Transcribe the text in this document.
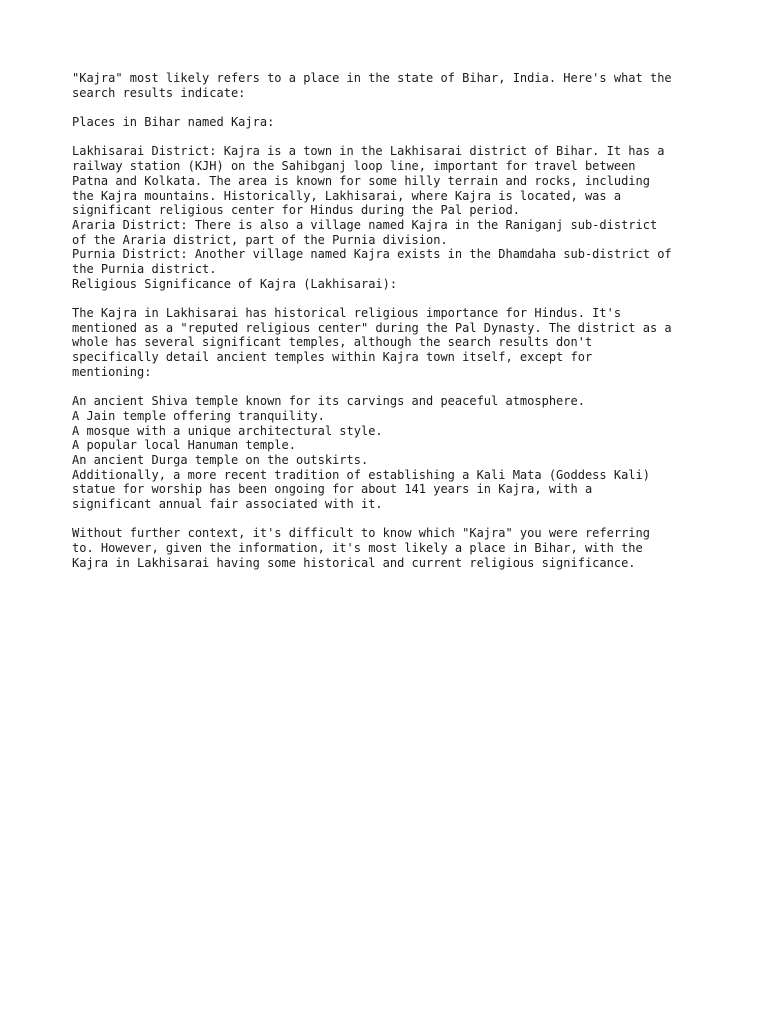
"Kajra" most likely refers to a place in the state of Bihar, India. Here's what the
search results indicate:
Places in Bihar named Kajra:
Lakhisarai District: Kajra is a town in the Lakhisarai district of Bihar. It has a
railway station (KJH) on the Sahibganj loop line, important for travel between
Patna and Kolkata. The area is known for some hilly terrain and rocks, including
the Kajra mountains. Historically, Lakhisarai, where Kajra is located, was a
significant religious center for Hindus during the Pal period.
Araria District: There is also a village named Kajra in the Raniganj sub-district
of the Araria district, part of the Purnia division.
Purnia District: Another village named Kajra exists in the Dhamdaha sub-district of
the Purnia district.
Religious Significance of Kajra (Lakhisarai):
The Kajra in Lakhisarai has historical religious importance for Hindus. It's
mentioned as a "reputed religious center" during the Pal Dynasty. The district as a
whole has several significant temples, although the search results don't
specifically detail ancient temples within Kajra town itself, except for
mentioning:
An ancient Shiva temple known for its carvings and peaceful atmosphere.
A Jain temple offering tranquility.
A mosque with a unique architectural style.
A popular local Hanuman temple.
An ancient Durga temple on the outskirts.
Additionally, a more recent tradition of establishing a Kali Mata (Goddess Kali)
statue for worship has been ongoing for about 141 years in Kajra, with a
significant annual fair associated with it.
Without further context, it's difficult to know which "Kajra" you were referring
to. However, given the information, it's most likely a place in Bihar, with the
Kajra in Lakhisarai having some historical and current religious significance.
